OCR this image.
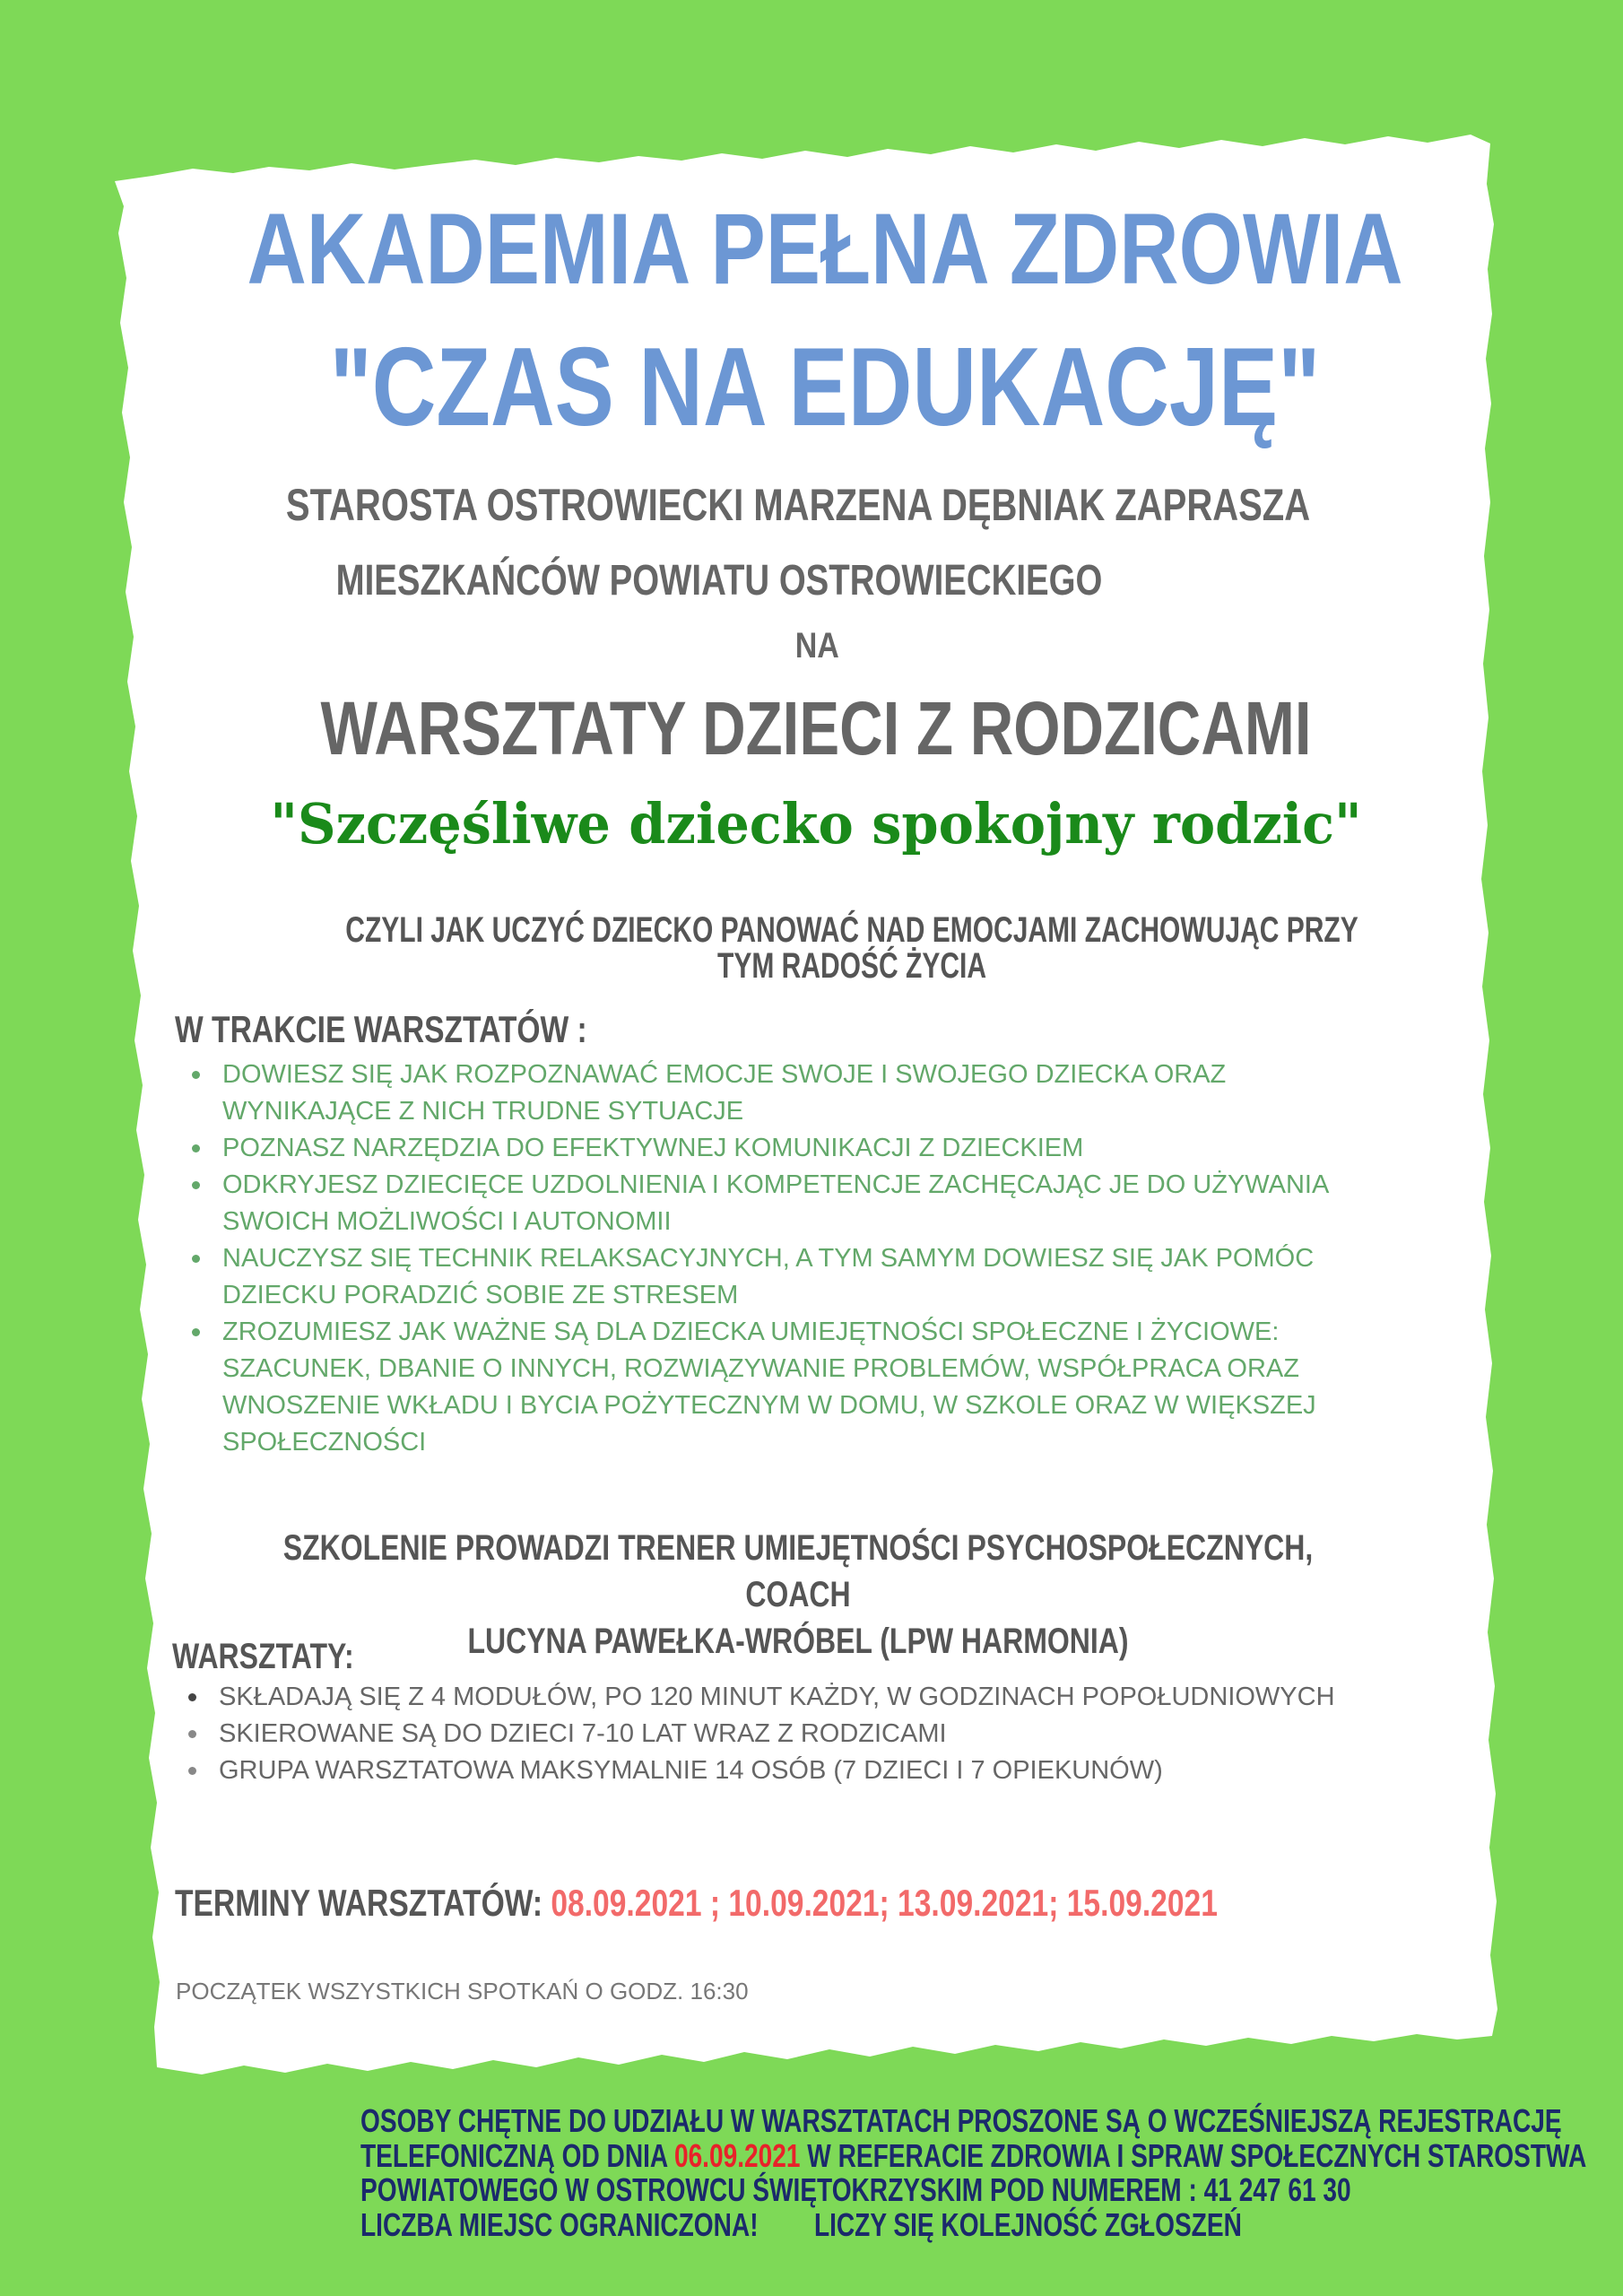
AKADEMIA PEŁNA ZDROWIA
"CZAS NA EDUKACJĘ"
STAROSTA OSTROWIECKI MARZENA DĘBNIAK ZAPRASZA
MIESZKAŃCÓW POWIATU OSTROWIECKIEGO
NA
WARSZTATY DZIECI Z RODZICAMI
"Szczęśliwe dziecko spokojny rodzic"
CZYLI JAK UCZYĆ DZIECKO PANOWAĆ NAD EMOCJAMI ZACHOWUJĄC PRZY TYM RADOŚĆ ŻYCIA
W TRAKCIE WARSZTATÓW :
DOWIESZ SIĘ JAK ROZPOZNAWAĆ EMOCJE SWOJE I SWOJEGO DZIECKA ORAZ WYNIKAJĄCE Z NICH TRUDNE SYTUACJE
POZNASZ NARZĘDZIA DO EFEKTYWNEJ KOMUNIKACJI Z DZIECKIEM
ODKRYJESZ DZIECIĘCE UZDOLNIENIA I KOMPETENCJE ZACHĘCAJĄC JE DO UŻYWANIA SWOICH MOŻLIWOŚCI I AUTONOMII
NAUCZYSZ SIĘ TECHNIK RELAKSACYJNYCH, A TYM SAMYM DOWIESZ SIĘ JAK POMÓC DZIECKU PORADZIĆ SOBIE ZE STRESEM
ZROZUMIESZ JAK WAŻNE SĄ DLA DZIECKA UMIEJĘTNOŚCI SPOŁECZNE I ŻYCIOWE: SZACUNEK, DBANIE O INNYCH, ROZWIĄZYWANIE PROBLEMÓW, WSPÓŁPRACA ORAZ WNOSZENIE WKŁADU I BYCIA POŻYTECZNYM W DOMU, W SZKOLE ORAZ W WIĘKSZEJ SPOŁECZNOŚCI
SZKOLENIE PROWADZI TRENER UMIEJĘTNOŚCI PSYCHOSPOŁECZNYCH, COACH
LUCYNA PAWEŁKA-WRÓBEL (LPW HARMONIA)
WARSZTATY:
SKŁADAJĄ SIĘ Z 4 MODUŁÓW, PO 120 MINUT KAŻDY, W GODZINACH POPOŁUDNIOWYCH
SKIEROWANE SĄ DO DZIECI 7-10 LAT WRAZ Z RODZICAMI
GRUPA WARSZTATOWA MAKSYMALNIE 14 OSÓB (7 DZIECI I 7 OPIEKUNÓW)
TERMINY WARSZTATÓW: 08.09.2021 ; 10.09.2021; 13.09.2021; 15.09.2021
POCZĄTEK WSZYSTKICH SPOTKAŃ O GODZ. 16:30
OSOBY CHĘTNE DO UDZIAŁU W WARSZTATACH PROSZONE SĄ O WCZEŚNIEJSZĄ REJESTRACJĘ
TELEFONICZNĄ OD DNIA 06.09.2021 W REFERACIE ZDROWIA I SPRAW SPOŁECZNYCH STAROSTWA
POWIATOWEGO W OSTROWCU ŚWIĘTOKRZYSKIM POD NUMEREM : 41 247 61 30
LICZBA MIEJSC OGRANICZONA! LICZY SIĘ KOLEJNOŚĆ ZGŁOSZEŃ
